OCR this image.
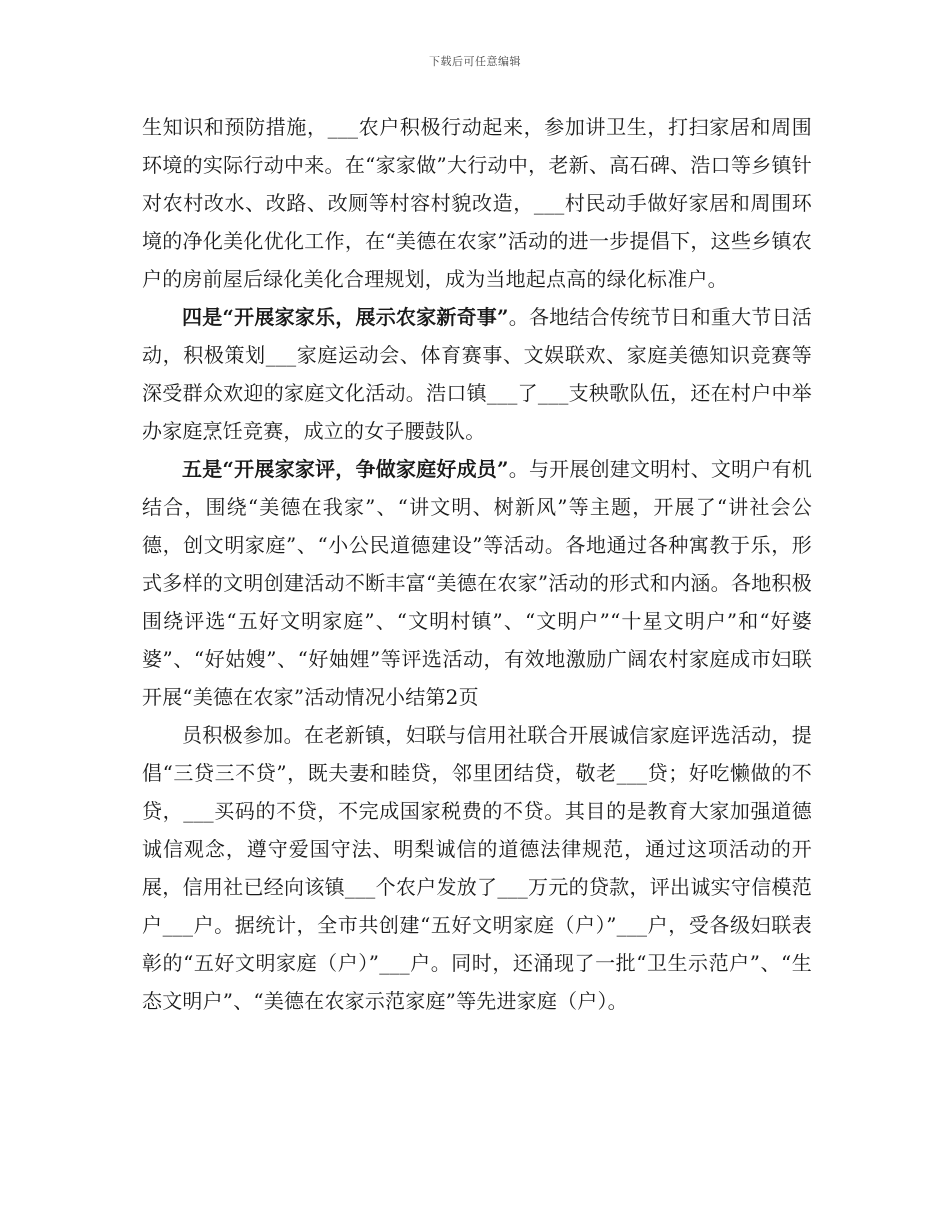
下载后可任意编辑

生知识和预防措施，___农户积极行动起来，参加讲卫生，打扫家居和周围环境的实际行动中来。在“家家做”大行动中，老新、高石碑、浩口等乡镇针对农村改水、改路、改厕等村容村貌改造，___村民动手做好家居和周围环境的净化美化优化工作，在“美德在农家”活动的进一步提倡下，这些乡镇农户的房前屋后绿化美化合理规划，成为当地起点高的绿化标准户。

四是“开展家家乐，展示农家新奇事”。各地结合传统节日和重大节日活动，积极策划___家庭运动会、体育赛事、文娱联欢、家庭美德知识竞赛等深受群众欢迎的家庭文化活动。浩口镇___了___支秧歌队伍，还在村户中举办家庭烹饪竞赛，成立的女子腰鼓队。

五是“开展家家评，争做家庭好成员”。与开展创建文明村、文明户有机结合，围绕“美德在我家”、“讲文明、树新风”等主题，开展了“讲社会公德，创文明家庭”、“小公民道德建设”等活动。各地通过各种寓教于乐，形式多样的文明创建活动不断丰富“美德在农家”活动的形式和内涵。各地积极围绕评选“五好文明家庭”、“文明村镇”、“文明户”“十星文明户”和“好婆婆”、“好姑嫂”、“好妯娌”等评选活动，有效地激励广阔农村家庭成市妇联开展“美德在农家”活动情况小结第2页

员积极参加。在老新镇，妇联与信用社联合开展诚信家庭评选活动，提倡“三贷三不贷”，既夫妻和睦贷，邻里团结贷，敬老___贷；好吃懒做的不贷，___买码的不贷，不完成国家税费的不贷。其目的是教育大家加强道德诚信观念，遵守爱国守法、明梨诚信的道德法律规范，通过这项活动的开展，信用社已经向该镇___个农户发放了___万元的贷款，评出诚实守信模范户___户。据统计，全市共创建“五好文明家庭（户）”___户，受各级妇联表彰的“五好文明家庭（户）”___户。同时，还涌现了一批“卫生示范户”、“生态文明户”、“美德在农家示范家庭”等先进家庭（户）。
